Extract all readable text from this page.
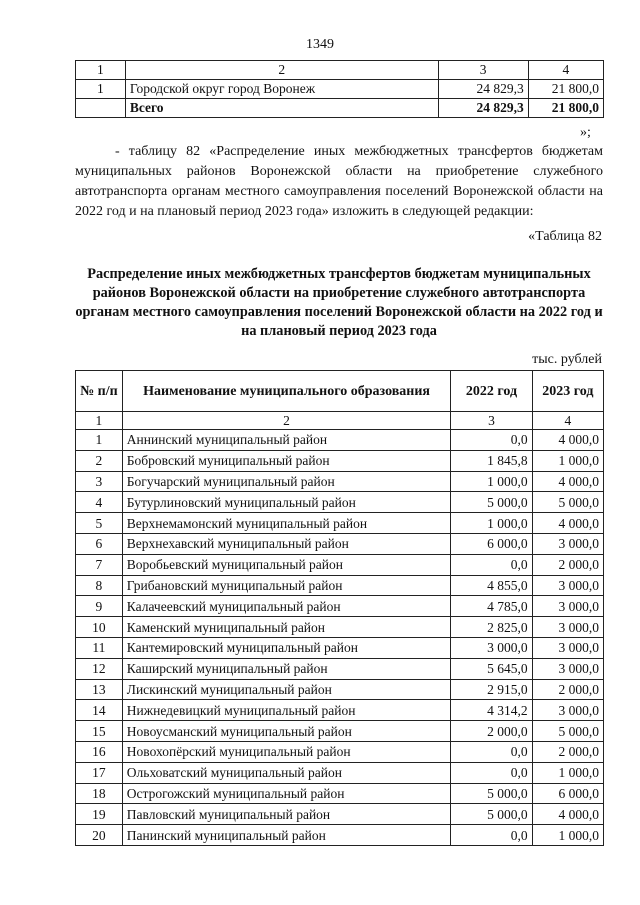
1349
1	2	3	4
1	Городской округ город Воронеж	24 829,3	21 800,0
	Всего	24 829,3	21 800,0
»;

- таблицу 82 «Распределение иных межбюджетных трансфертов бюджетам муниципальных районов Воронежской области на приобретение служебного автотранспорта органам местного самоуправления поселений Воронежской области на 2022 год и на плановый период 2023 года» изложить в следующей редакции:

«Таблица 82

Распределение иных межбюджетных трансфертов бюджетам муниципальных районов Воронежской области на приобретение служебного автотранспорта органам местного самоуправления поселений Воронежской области на 2022 год и на плановый период 2023 года

тыс. рублей
№ п/п	Наименование муниципального образования	2022 год	2023 год
1	2	3	4
1	Аннинский муниципальный район	0,0	4 000,0
2	Бобровский муниципальный район	1 845,8	1 000,0
3	Богучарский муниципальный район	1 000,0	4 000,0
4	Бутурлиновский муниципальный район	5 000,0	5 000,0
5	Верхнемамонский муниципальный район	1 000,0	4 000,0
6	Верхнехавский муниципальный район	6 000,0	3 000,0
7	Воробьевский муниципальный район	0,0	2 000,0
8	Грибановский муниципальный район	4 855,0	3 000,0
9	Калачеевский муниципальный район	4 785,0	3 000,0
10	Каменский муниципальный район	2 825,0	3 000,0
11	Кантемировский муниципальный район	3 000,0	3 000,0
12	Каширский муниципальный район	5 645,0	3 000,0
13	Лискинский муниципальный район	2 915,0	2 000,0
14	Нижнедевицкий муниципальный район	4 314,2	3 000,0
15	Новоусманский муниципальный район	2 000,0	5 000,0
16	Новохопёрский муниципальный район	0,0	2 000,0
17	Ольховатский муниципальный район	0,0	1 000,0
18	Острогожский муниципальный район	5 000,0	6 000,0
19	Павловский муниципальный район	5 000,0	4 000,0
20	Панинский муниципальный район	0,0	1 000,0
